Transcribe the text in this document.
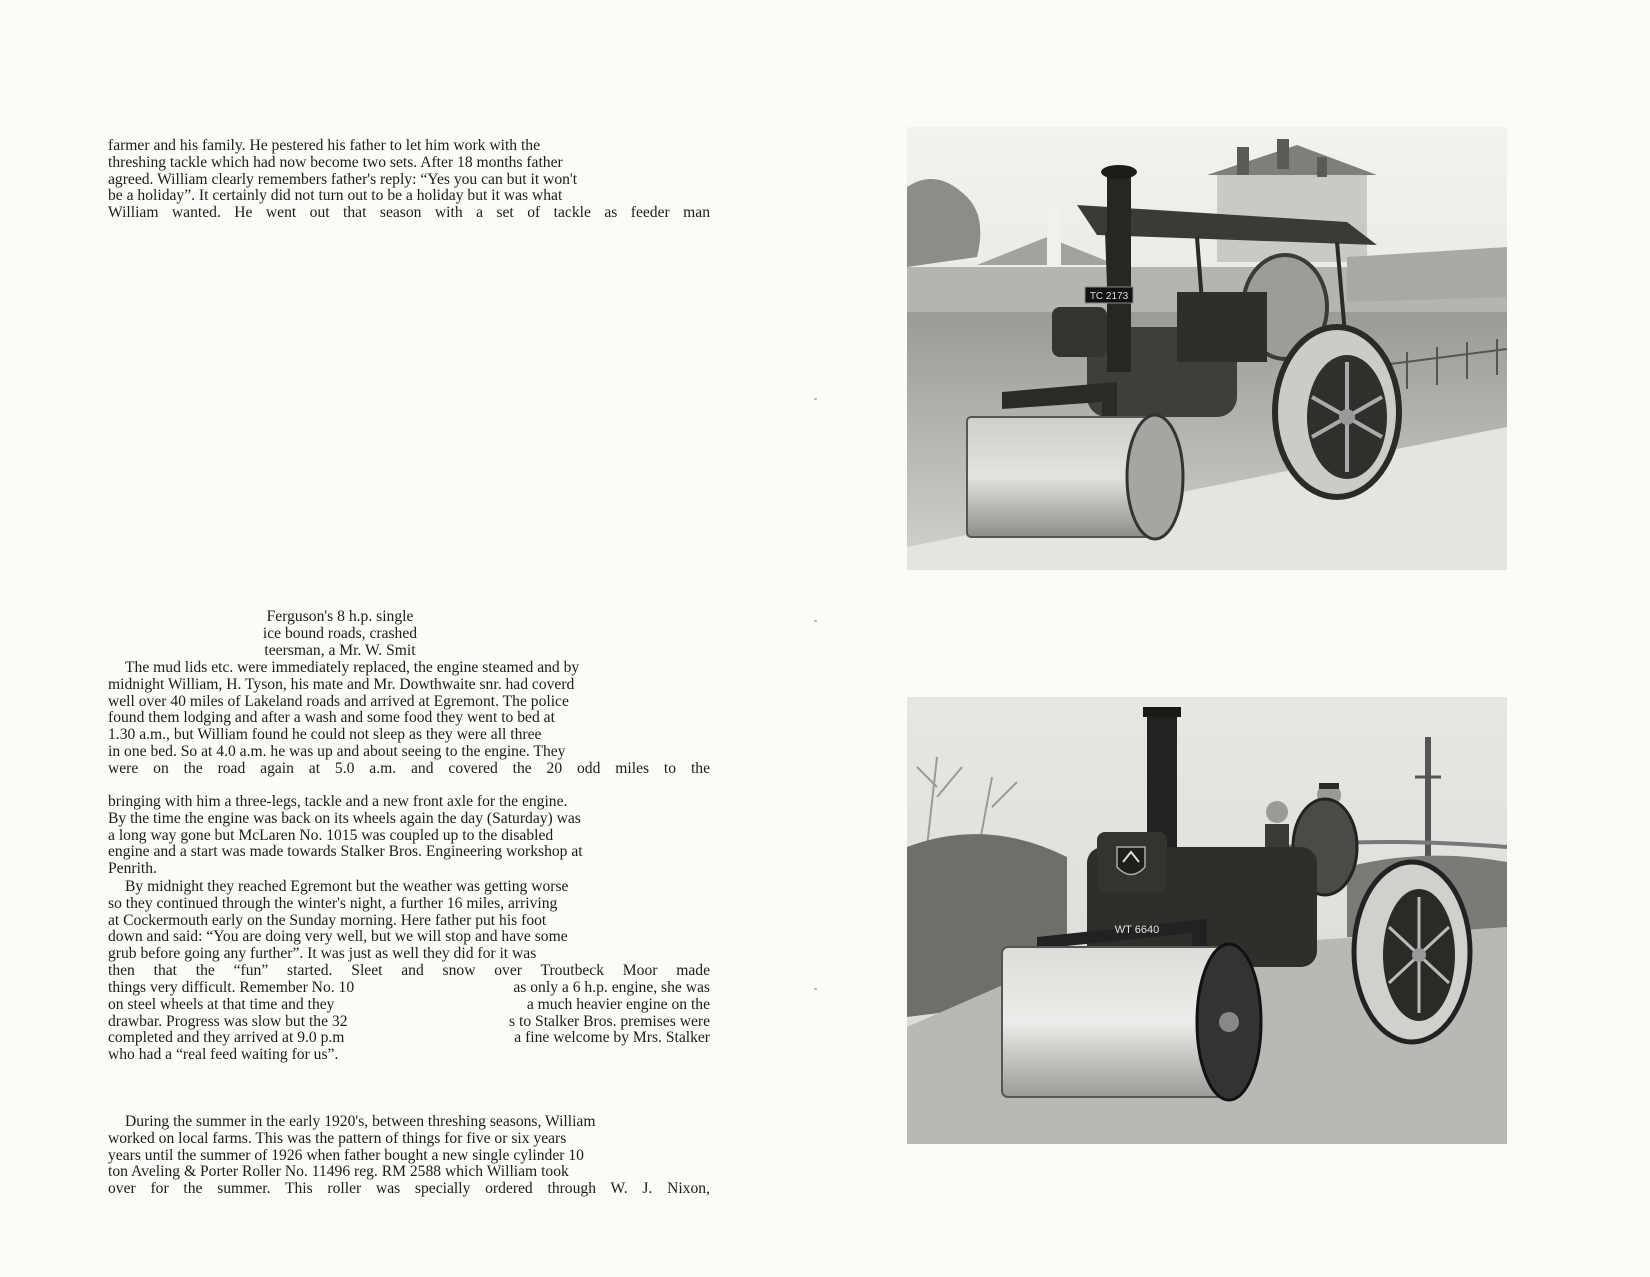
farmer and his family. He pestered his father to let him work with the

threshing tackle which had now become two sets. After 18 months father

agreed. William clearly remembers father's reply: “Yes you can but it won't

be a holiday”. It certainly did not turn out to be a holiday but it was what

William wanted. He went out that season with a set of tackle as feeder man

Ferguson's 8 h.p. single
ice bound roads, crashed
teersman, a Mr. W. Smit

The mud lids etc. were immediately replaced, the engine steamed and by

midnight William, H. Tyson, his mate and Mr. Dowthwaite snr. had coverd

well over 40 miles of Lakeland roads and arrived at Egremont. The police

found them lodging and after a wash and some food they went to bed at

1.30 a.m., but William found he could not sleep as they were all three

in one bed. So at 4.0 a.m. he was up and about seeing to the engine. They

were on the road again at 5.0 a.m. and covered the 20 odd miles to the

bringing with him a three-legs, tackle and a new front axle for the engine.

By the time the engine was back on its wheels again the day (Saturday) was

a long way gone but McLaren No. 1015 was coupled up to the disabled

engine and a start was made towards Stalker Bros. Engineering workshop at

Penrith.

By midnight they reached Egremont but the weather was getting worse

so they continued through the winter's night, a further 16 miles, arriving

at Cockermouth early on the Sunday morning. Here father put his foot

down and said: “You are doing very well, but we will stop and have some

grub before going any further”. It was just as well they did for it was

then that the “fun” started. Sleet and snow over Troutbeck Moor made

things very difficult. Remember No. 10
on steel wheels at that time and they
drawbar. Progress was slow but the 32
completed and they arrived at 9.0 p.m
who had a “real feed waiting for us”.
as only a 6 h.p. engine, she was
a much heavier engine on the
s to Stalker Bros. premises were
a fine welcome by Mrs. Stalker

During the summer in the early 1920's, between threshing seasons, William

worked on local farms. This was the pattern of things for five or six years

years until the summer of 1926 when father bought a new single cylinder 10

ton Aveling & Porter Roller No. 11496 reg. RM 2588 which William took

over for the summer. This roller was specially ordered through W. J. Nixon,

TC 2173
WT 6640
